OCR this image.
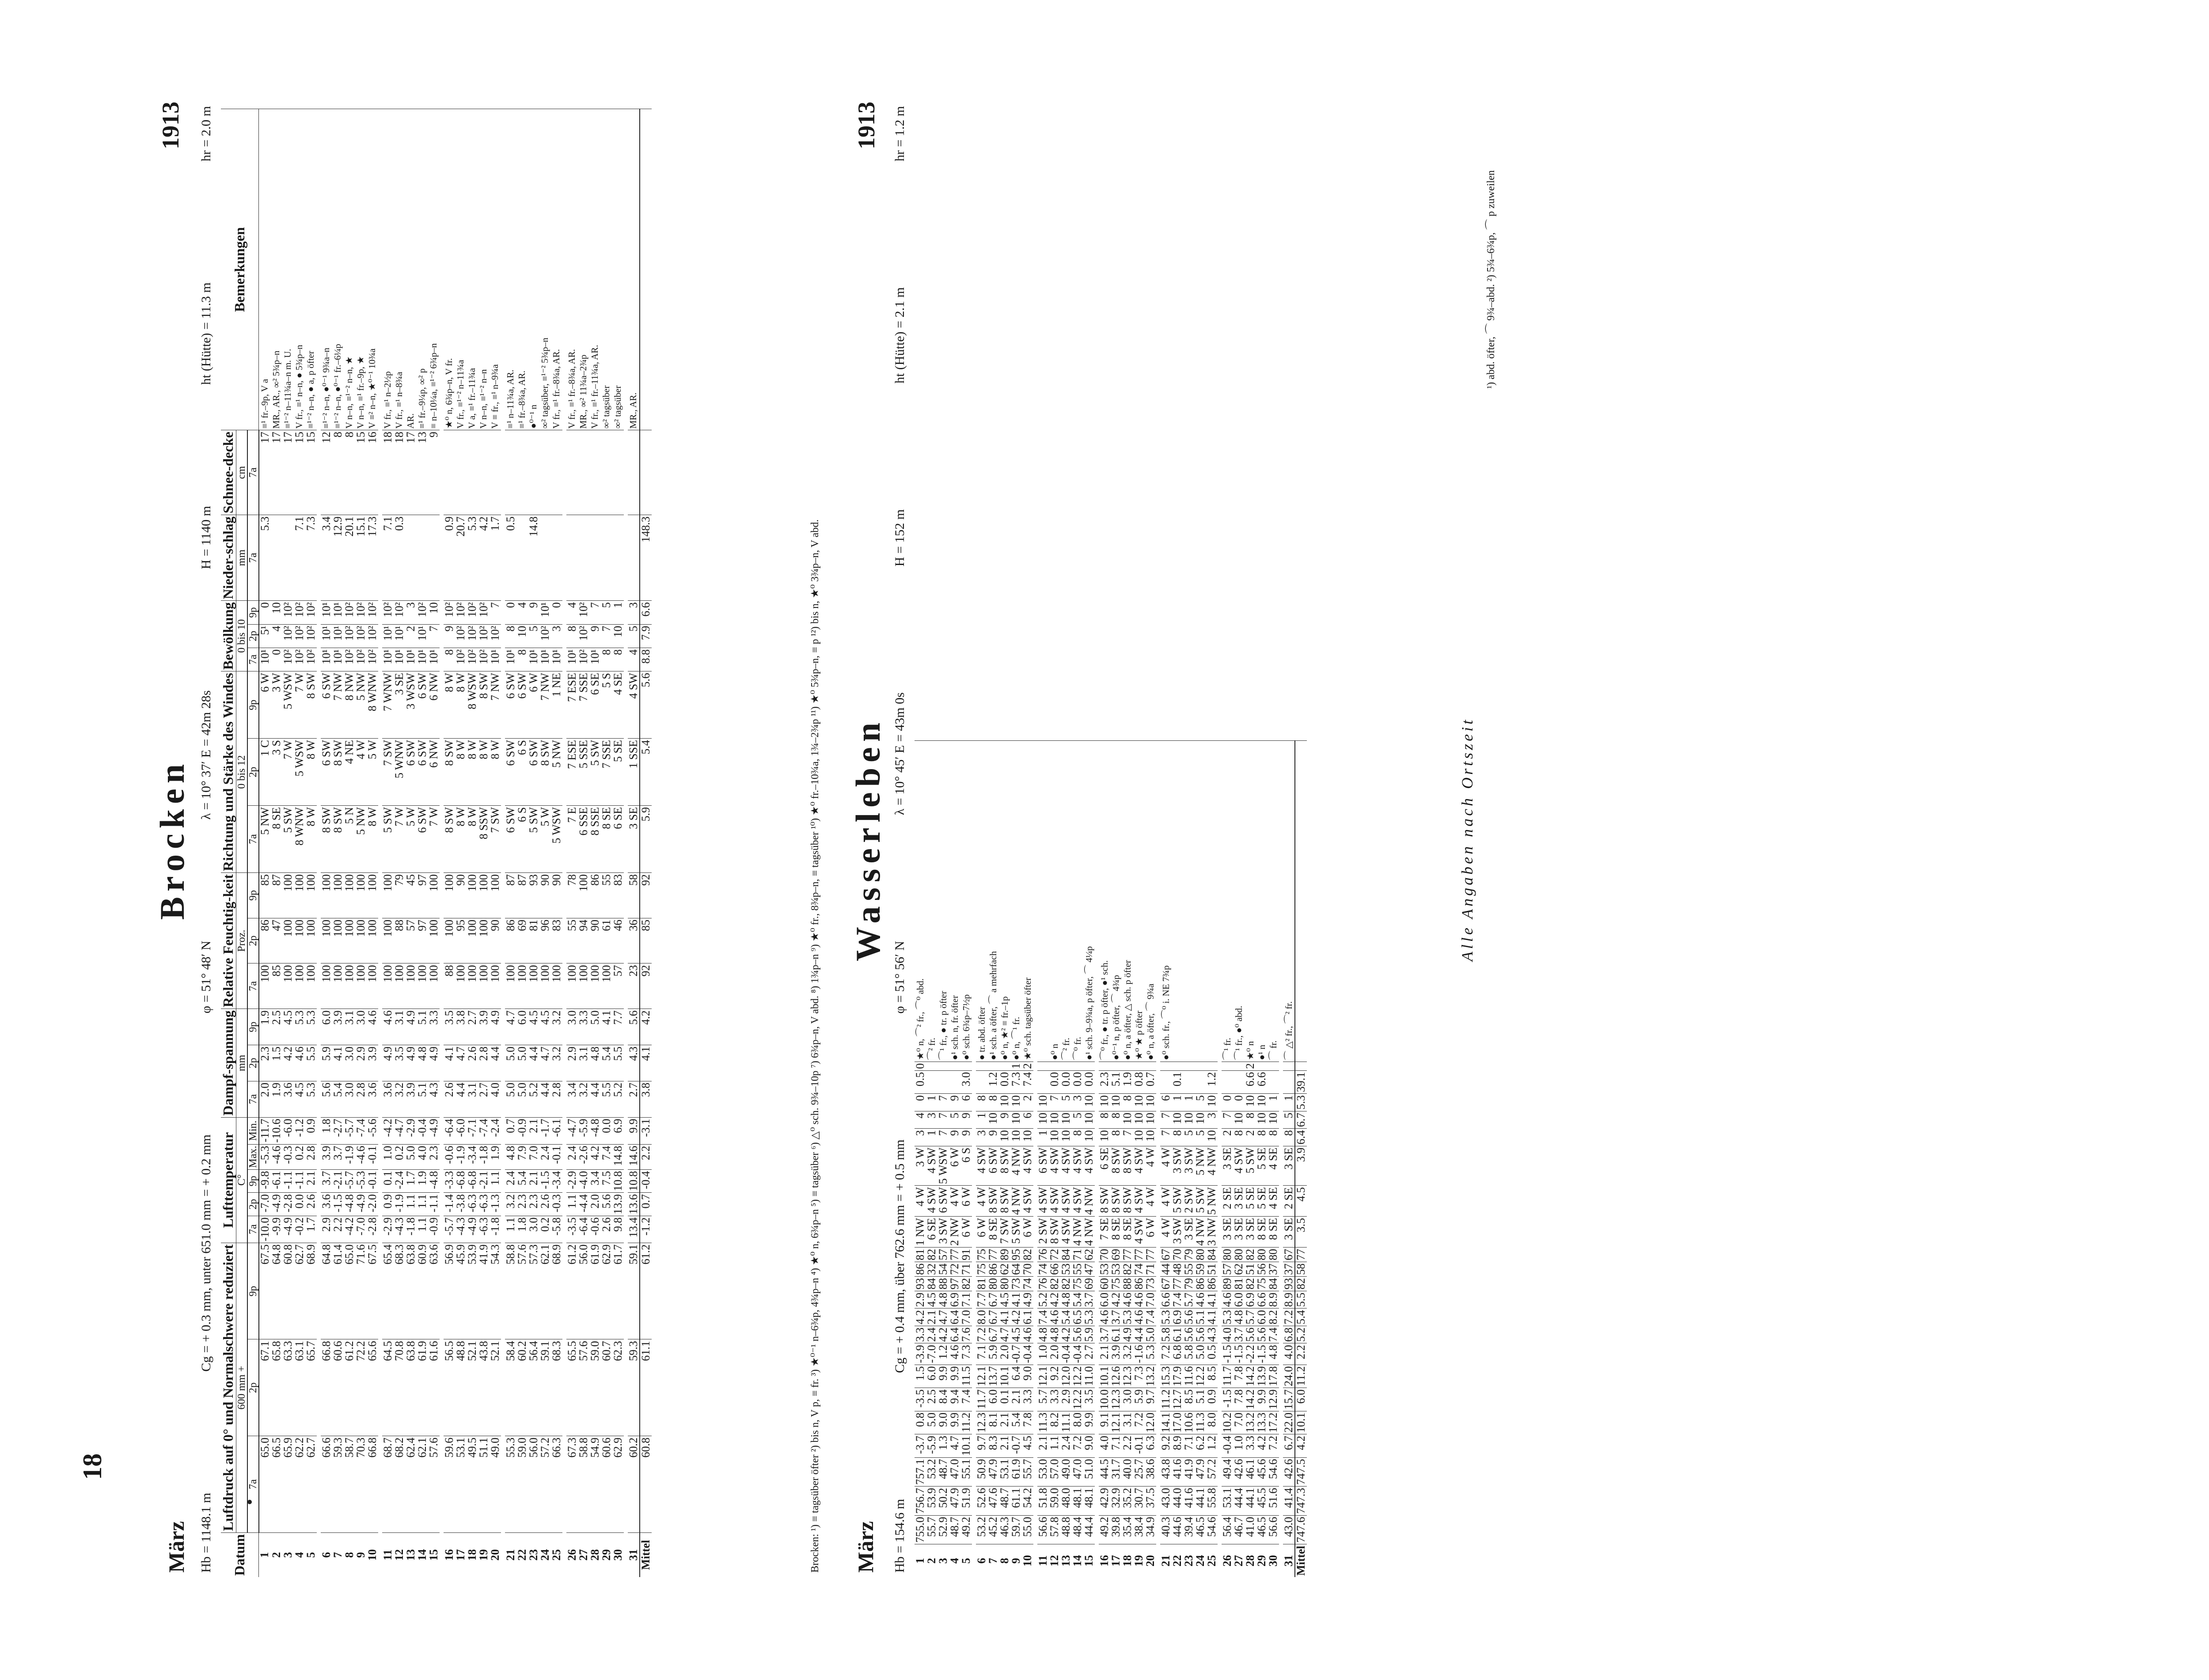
18
März
Brocken
1913
Hb = 1148.1 m
Cg = + 0.3 mm, unter 651.0 mm = + 0.2 mm
φ = 51° 48′ N
λ = 10° 37′ E = 42m 28s
H = 1140 m
ht (Hütte) = 11.3 m
hr = 2.0 m
Datum	Luftdruck auf 0° und Normalschwere reduziert			Lufttemperatur					Dampf-spannung			Relative Feuchtig-keit			Richtung und Stärke des Windes			Bewölkung			Nieder-schlag	Schnee-decke	Bemerkungen
	600 mm +			C°					mm			Proz.			0 bis 12			0 bis 10			mm	cm	
	7a	2p	9p	7a	2p	9p	Max.	Min.	7a	2p	9p	7a	2p	9p	7a	2p	9p	7a	2p	9p	7a	7a	
1	65.0	67.1	67.5	-10.0	-7.0	-9.8	-5.3	-11.7	2.0	2.3	1.9	100	86	85	5 NW	1 C	6 W	10¹	5¹	0	5.3	17	≡¹ fr.–9p, V a
2	66.5	65.8	64.8	-9.9	-4.9	-6.1	-4.6	-10.6	1.9	1.5	2.5	85	47	87	8 SE	3 S	3 W	0	4	10		17	MR., AR., ∞² 5¾p–n
3	65.9	63.3	60.8	-4.9	-2.8	-1.1	-0.3	-6.0	3.6	4.2	4.5	100	100	100	5 SW	7 W	5 WSW	10²	10²	10²		17	≡¹⁻² n–11¾a–n m. U.
4	62.2	63.1	62.7	-0.2	0.0	-1.1	0.2	-1.2	4.5	4.6	5.3	100	100	100	8 WNW	5 WSW	7 W	10²	10²	10²	7.1	15	V fr., ≡¹ n–n, ● 5¾p–n
5	62.7	65.7	68.9	1.7	2.6	2.1	2.8	0.9	5.3	5.5	5.3	100	100	100	8 W	8 W	8 SW	10²	10²	10²	7.3	15	≡¹⁻² n–n, ● a, p öfter

6	66.6	66.8	64.8	2.9	3.6	3.7	3.9	1.8	5.6	5.9	6.0	100	100	100	8 SW	6 SW	6 SW	10¹	10¹	10¹	3.4	12	≡¹⁻² n–n, ●⁰⁻¹ 9¾a–n
7	59.3	60.6	61.4	2.2	-1.5	-2.1	3.7	-2.7	5.4	4.1	3.9	100	100	100	8 SW	8 SW	7 NW	10¹	10¹	10¹	12.9	8	≡¹⁻² n–n, ●⁰⁻¹ fr.–6¼p
8	58.7	61.2	65.0	-4.2	-4.8	-5.7	-1.9	-5.7	3.0	3.0	3.1	100	100	100	5 N	4 NE	8 NW	10²	10²	10²	20.1	8	V n–n, ≡¹⁻² n–n, ★
9	70.3	72.2	71.6	-7.0	-4.9	-5.3	-4.6	-7.4	2.8	2.9	3.0	100	100	100	5 NW	4 W	5 NW	10²	10²	10²	15.1	15	V n–n, ≡¹ fr.–9p, ★
10	66.8	65.6	67.5	-2.8	-2.0	-0.1	-0.1	-5.6	3.6	3.9	4.6	100	100	100	8 W	5 W	8 WNW	10²	10²	10²	17.3	16	V ≡² n–n, ★⁰⁻¹ 10¾a

11	68.7	64.5	65.4	-2.9	0.9	0.1	1.0	-4.2	3.6	4.9	4.6	100	100	100	5 SW	7 SW	7 WNW	10¹	10¹	10²	7.1	18	V fr., ≡¹ n–2½p
12	68.2	70.8	68.3	-4.3	-1.9	-2.4	0.2	-4.7	3.2	3.5	3.1	100	88	79	7 W	5 WNW	3 SE	10¹	10¹	10²	0.3	18	V fr., ≡¹ n–8¾a
13	62.4	63.8	63.8	-1.8	1.1	1.7	5.0	-2.9	3.9	4.9	4.9	100	57	45	5 W	6 SW	3 WSW	10¹	2	3		17	AR.
14	62.1	61.9	60.9	1.1	1.1	1.9	4.0	-0.4	5.1	4.8	5.1	100	97	97	6 SW	6 SW	6 SW	10¹	10¹	10²		13	≡¹ fr.–9¼p, ∞² p
15	57.6	61.6	63.6	-0.9	-1.1	-4.8	2.3	-4.9	4.3	4.9	3.3	100	100	100	7 W	6 NW	6 NW	10¹	7	10		9	≡ n–10¼a, ≡¹⁻² 6¾p–n

16	59.6	56.5	56.9	-5.7	-1.4	-3.3	-0.6	-6.4	2.6	4.1	3.5	88	100	100	8 SW	8 SW	8 W	8	9	10²	0.9		★⁰ n, 6¾p–n, V fr.
17	53.1	48.8	45.9	-4.3	-3.8	-6.8	-1.9	-6.0	4.4	4.7	3.8	100	95	90	8 W	8 W	8 W	10²	10²	10²	20.7		V fr., ≡¹⁻² n–11¾a
18	49.5	52.1	53.9	-4.9	-6.3	-6.8	-3.4	-7.1	3.1	2.6	2.7	100	100	100	8 W	8 W	8 WSW	10²	10²	10²	5.3		V a, ≡¹ fr.–11¾a
19	51.1	43.8	41.9	-6.3	-6.3	-2.1	-1.8	-7.4	2.7	2.8	3.9	100	100	100	8 SSW	8 W	8 SW	10²	10²	10²	4.2		V n–n, ≡¹⁻² n–n
20	49.0	52.1	54.3	-1.8	-1.3	1.1	1.9	-2.4	4.0	4.4	4.9	100	90	100	7 SW	8 W	7 NW	10¹	10²	7	1.7		V ≡ fr., ≡¹ n–9¾a

21	55.3	58.4	58.8	1.1	3.2	2.4	4.8	0.7	5.0	5.0	4.7	100	86	87	6 SW	6 SW	6 SW	10¹	8	0	0.5		≡¹ n–11¾a, AR.
22	59.0	60.2	57.6	1.8	2.3	5.4	7.9	-0.9	5.0	5.0	6.0	100	69	87	6 S	6 S	6 SW	8	10	4			≡¹ fr.–8¾a, AR.
23	56.0	56.4	57.3	3.0	2.3	2.1	7.0	2.1	5.2	4.4	4.5	100	81	93	5 SW	6 SW	6 W	10¹	5	9	14.8		●⁰⁻¹ n
24	57.2	59.1	62.1	0.2	2.6	-1.5	2.4	-1.7	4.4	4.7	4.5	100	96	90	5 W	8 SW	7 NW	10¹	10²	10¹			∞² tagsüber, ≡¹⁻² 5¾p–n
25	66.3	68.3	68.9	-5.8	-0.3	-3.4	-0.1	-6.1	2.8	3.2	3.2	100	83	90	5 WSW	5 NW	1 NE	10¹	3	0			V fr., ≡¹ fr.–8¾a, AR.

26	67.3	65.5	61.2	-3.5	1.1	-2.9	2.4	-4.7	3.4	2.9	3.0	100	55	78	7 E	7 ESE	7 ESE	10¹	8	4			V fr., ≡¹ fr.–8¾a, AR.
27	58.8	57.6	56.0	-6.4	-4.4	-4.0	-2.6	-5.9	3.2	3.1	3.3	100	94	100	6 SSE	5 SSE	7 SSE	10²	10²	10²			MR., ∞² 11¾a–2¾p
28	54.9	59.0	61.9	-0.6	2.0	3.4	4.2	-4.8	4.4	4.8	5.0	100	90	86	8 SSE	5 SW	6 SE	10¹	9	7			V fr., ≡¹ fr.–11¾a, AR.
29	60.6	60.7	62.9	2.6	5.6	7.5	7.4	0.0	5.5	5.4	4.1	100	61	55	8 SE	7 SSE	5 S	8	7	5			∞² tagsüber
30	62.9	62.3	61.7	9.8	13.9	10.8	14.8	6.9	5.2	5.5	7.7	57	46	83	6 SE	5 SE	4 SE	8	10	1			∞² tagsüber

31	60.2	59.3	59.1	13.4	13.6	10.8	14.6	9.9	2.7	4.3	5.6	23	36	58	3 SE	1 SSE	4 SW	4	5	3			MR., AR.
Mittel	60.8	61.1	61.2	-1.2	0.7	-0.4	2.2	-3.1	3.8	4.1	4.2	92	85	92	5.9	5.4	5.6	8.8	7.9	6.6	148.3			Brocken: ¹) ≡ tagsüber öfter ²) bis n, V p, ≡ fr. ³) ★⁰⁻¹ n–6¾p, 4¾p–n ⁴) ★⁰ n, 6¾p–n ⁵) ≡ tagsüber ⁶) △⁰ sch. 9¾–10p ⁷) 6¾p–n, V abd. ⁸) 1¾p–n ⁹) ★⁰ fr., 8¾p–n, ≡ tagsüber ¹⁰) ★⁰ fr.–10¾a, 1¾–2¾p ¹¹) ★⁰ 5¾p–n, ≡ p ¹²) bis n, ★⁰ 3¾p–n, V abd. März
Wasserleben
1913
Hb = 154.6 m
Cg = + 0.4 mm, über 762.6 mm = + 0.5 mm
φ = 51° 56′ N
λ = 10° 45′ E = 43m 0s
H = 152 m
ht (Hütte) = 2.1 m
hr = 1.2 m
1	755.0	756.7	757.1	-3.7	0.8	-3.5	1.5	-3.9	3.3	4.2	2.9	93	86	81	1 NW	4 W	3 W	3	4	0	0.5	0	★⁰ n, ⌒² fr., ⌒⁰ abd.
2	55.7	53.9	53.2	-5.9	5.0	2.5	6.0	-7.0	2.4	2.1	4.5	84	32	82	6 SE	4 SW	4 SW	1	3	1			⌒² fr.
3	52.9	50.2	48.7	1.3	9.0	8.4	9.9	1.2	4.2	4.7	4.8	88	54	57	3 SW	6 SW	5 WSW	7	7	7			⌒¹ fr., ● tr. p öfter
4	48.7	47.9	47.0	4.7	9.9	9.4	9.9	4.6	6.4	6.4	6.9	97	72	77	2 NW	4 W	6 W	9	5	9			●¹ sch. n, fr. öfter
5	49.2	51.9	55.1	10.1	11.2	7.4	11.5	7.3	7.6	7.0	7.1	82	71	91	6 W	6 W	6 S	9	9	6	3.0		●⁰ sch. 6¾p–7½p

6	53.2	52.6	50.9	9.7	12.3	11.7	12.1	7.1	7.2	8.0	7.7	81	75	75	6 W	4 W	4 SW	3	1	8			● tr. abd. öfter
7	45.2	47.6	47.9	8.3	8.1	6.0	13.7	5.9	6.7	6.7	6.7	80	86	77	8 SE	8 SW	6 SW	9	10	8	1.2		●¹ sch. a öfter, ⌒ a mehrfach
8	46.3	48.7	53.1	2.1	2.1	0.1	10.1	2.0	4.7	4.1	4.5	80	62	89	7 SW	8 SW	8 SW	10	9	10	0.0		●⁰ n, ★² ≡ fr.–1p
9	59.7	61.1	61.9	-0.7	5.4	2.1	6.4	-0.7	4.5	4.2	4.1	73	64	95	5 SW	4 NW	4 NW	10	10	10	7.3	1	●⁰ n, ⌒¹ fr.
10	55.0	54.2	55.7	4.5	7.8	3.3	9.0	-0.4	4.6	6.1	4.9	74	70	82	6 W	4 SW	4 SW	10	6	2	7.4	2	★⁰ sch. tagsüber öfter

11	56.6	51.8	53.0	2.1	11.3	5.7	12.1	1.0	4.8	7.4	5.2	76	74	76	2 SW	4 SW	6 SW	1	10	10			
12	57.8	59.0	57.0	1.1	8.2	3.3	9.2	2.0	4.8	4.6	4.2	82	66	72	8 SW	4 SW	4 SW	10	10	7	0.0		●⁰ n
13	48.8	48.0	49.0	2.4	11.1	2.9	12.0	-0.4	4.2	5.4	4.8	82	53	84	4 SW	4 SW	4 SW	10	10	5	0.0		⌒² fr.
14	48.4	48.1	47.0	7.2	8.0	12.2	12.2	-0.4	5.6	6.5	5.4	75	55	71	4 NW	4 SW	4 SW	8	5	3	0.0		⌒⁰ fr.
15	44.4	48.1	51.0	9.0	9.9	3.5	11.0	2.7	5.9	5.3	3.7	69	47	62	4 NW	4 NW	4 SW	10	10	10	0.0		●¹ sch. 9–9¾a, p öfter, ⌒ 4¼p

16	49.2	42.9	44.5	4.0	9.1	10.0	10.1	2.1	3.7	4.6	6.0	60	53	70	7 SE	8 SW	6 SE	10	8	10	2.3		⌒⁰ fr., ● tr. p öfter, ●¹ sch.
17	39.8	32.9	31.7	7.1	12.1	12.3	12.6	3.9	6.1	3.7	4.2	75	53	69	8 SE	8 SW	8 SW	8	8	10	5.1		●⁰⁻¹ n, p öfter, ⌒ 4¾p
18	35.4	35.2	40.0	2.2	3.1	3.0	12.3	3.2	4.9	5.3	4.6	88	82	77	8 SE	8 SW	8 SW	7	10	8	1.9		●⁰ n, a öfter, △ sch. p öfter
19	38.4	30.7	25.7	-0.1	7.2	5.9	7.3	-1.6	4.4	4.6	4.6	86	74	77	4 SW	4 SW	4 SW	10	10	10	0.8		★⁰ ★ p öfter
20	34.9	37.5	38.6	6.3	12.0	9.7	13.2	5.3	5.0	7.4	7.0	73	71	77	6 W	4 W	4 W	10	10	10	0.7		●⁰ n, a öfter, ⌒ 9¾a

21	40.3	43.0	43.8	9.2	14.1	11.2	15.3	7.2	5.8	5.3	6.6	67	44	67	4 W	4 W	4 W	7	7	6			●⁰ sch. fr., ⌒⁰ i. NE 7¾p
22	44.6	44.0	41.6	8.9	17.0	12.7	17.9	6.8	6.1	6.9	7.4	77	48	70	3 SW	5 SW	3 SW	8	10	1	0.1		
23	39.4	41.6	41.9	7.1	10.6	8.5	11.6	5.8	5.6	5.6	5.7	79	55	79	3 SE	2 SW	3 SW	5	10	1			
24	46.5	44.1	47.9	6.2	11.3	5.1	12.2	5.0	5.6	5.1	4.6	86	59	80	4 NW	5 SW	5 NW	5	10	5			
25	54.6	55.8	57.2	1.2	8.0	0.9	8.5	0.5	4.3	4.1	4.1	86	51	84	3 NW	5 NW	4 NW	10	3	10	1.2		

26	56.4	53.1	49.4	-0.4	10.2	-1.5	11.7	-1.5	4.0	5.3	4.6	89	57	80	3 SE	2 SE	3 SE	2	7	0			⌒¹ fr.
27	46.7	44.4	42.6	1.0	7.0	7.8	7.8	-1.5	3.7	4.8	6.0	81	62	80	3 SE	3 SE	4 SW	8	10	0			⌒¹ fr., ●⁰ abd.
28	41.0	44.1	46.1	3.3	13.2	14.2	14.2	-2.2	5.6	5.7	6.9	82	51	82	3 SE	5 SE	5 SW	2	8	10	6.6	2	★⁰ n
29	46.5	45.5	45.6	4.2	13.3	9.9	13.9	-1.5	5.6	6.0	6.6	75	56	80	8 SE	5 SE	5 SE	8	10	10	6.6		●¹ n
30	56.6	51.6	54.6	7.2	17.2	12.9	17.8	4.8	7.4	8.2	8.9	84	37	80	8 SE	4 SE	4 SE	8	10	1			⌒ fr.

31	43.0	41.4	42.6	6.7	22.0	15.7	24.0	4.0	6.8	7.2	8.9	93	37	67	3 SE	2 SE	3 SE	8	5	1			⌒ △² fr., ⌒² fr.
Mittel	747.6	747.3	747.5	4.2	10.1	6.0	11.2	2.2	5.2	5.4	5.5	82	58	77	3.5	4.5	3.9	6.4	6.7	5.3	39.1		
Alle Angaben nach Ortszeit
¹) abd. öfter, ⌒ 9¾–abd. ²) 5¾–6¾p, ⌒ p zuweilen
